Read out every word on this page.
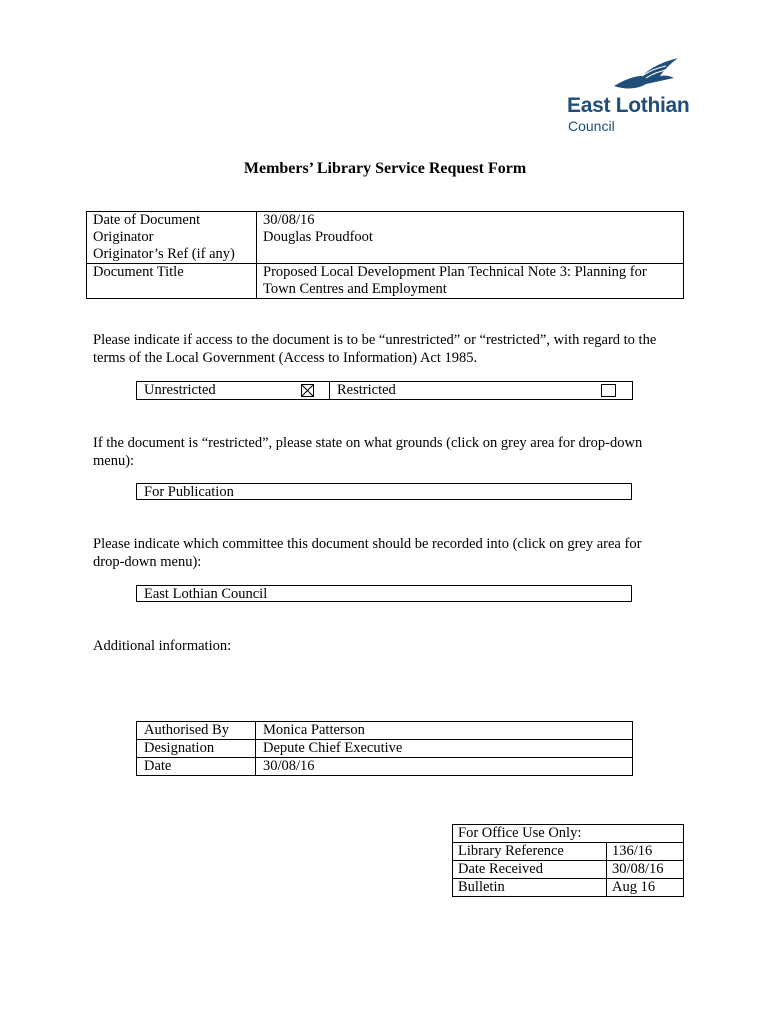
East Lothian
Council
Members’ Library Service Request Form
Date of Document	30/08/16
Originator	Douglas Proudfoot
Originator’s Ref (if any)	
Document Title	Proposed Local Development Plan Technical Note 3: Planning for Town Centres and Employment
Please indicate if access to the document is to be “unrestricted” or “restricted”, with regard to the terms of the Local Government (Access to Information) Act 1985.
Unrestricted	Restricted
If the document is “restricted”, please state on what grounds (click on grey area for drop-down menu):
For Publication
Please indicate which committee this document should be recorded into (click on grey area for drop-down menu):
East Lothian Council
Additional information:
Authorised By	Monica Patterson
Designation	Depute Chief Executive
Date	30/08/16
For Office Use Only:	
Library Reference	136/16
Date Received	30/08/16
Bulletin	Aug 16
